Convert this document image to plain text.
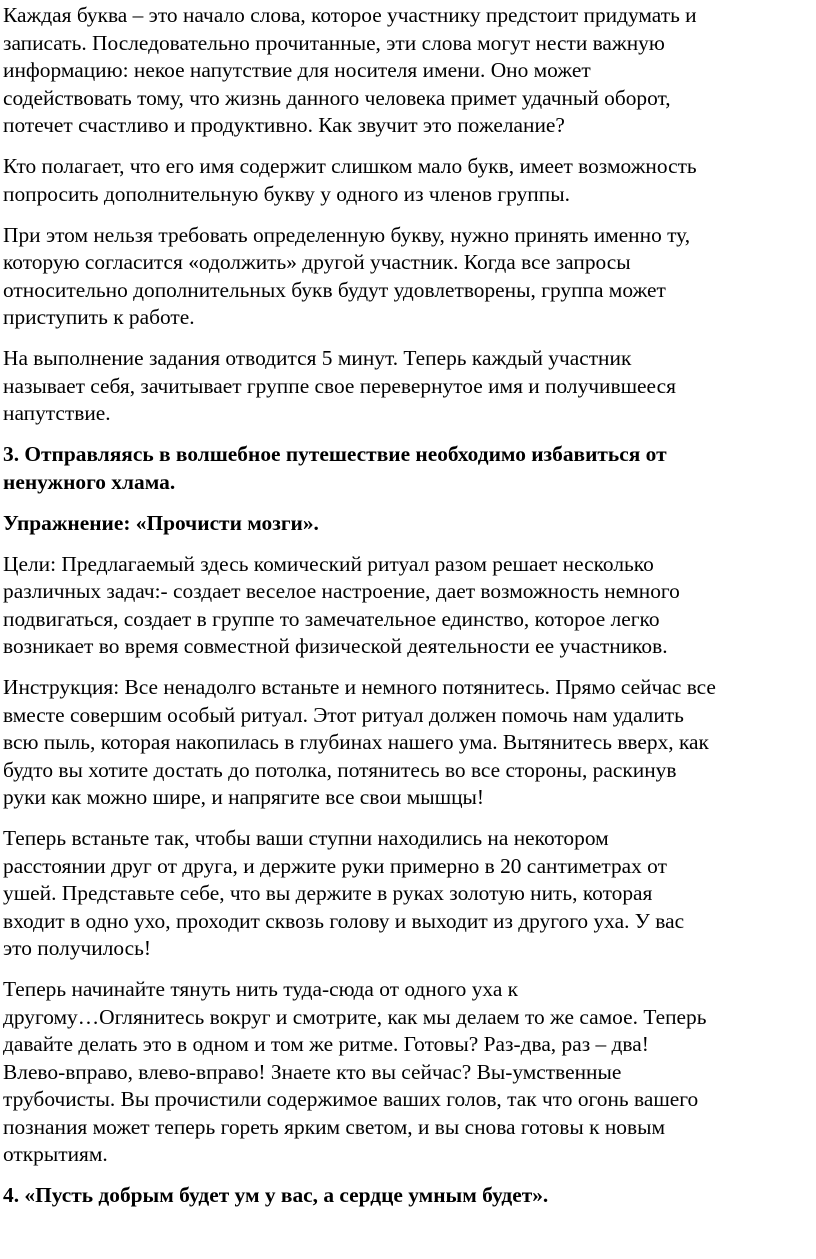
Каждая буква – это начало слова, которое участнику предстоит придумать и
записать. Последовательно прочитанные, эти слова могут нести важную
информацию: некое напутствие для носителя имени. Оно может
содействовать тому, что жизнь данного человека примет удачный оборот,
потечет счастливо и продуктивно. Как звучит это пожелание?
Кто полагает, что его имя содержит слишком мало букв, имеет возможность
попросить дополнительную букву у одного из членов группы.
При этом нельзя требовать определенную букву, нужно принять именно ту,
которую согласится «одолжить» другой участник. Когда все запросы
относительно дополнительных букв будут удовлетворены, группа может
приступить к работе.
На выполнение задания отводится 5 минут. Теперь каждый участник
называет себя, зачитывает группе свое перевернутое имя и получившееся
напутствие.
3. Отправляясь в волшебное путешествие необходимо избавиться от
ненужного хлама.
Упражнение: «Прочисти мозги».
Цели: Предлагаемый здесь комический ритуал разом решает несколько
различных задач:- создает веселое настроение, дает возможность немного
подвигаться, создает в группе то замечательное единство, которое легко
возникает во время совместной физической деятельности ее участников.
Инструкция: Все ненадолго встаньте и немного потянитесь. Прямо сейчас все
вместе совершим особый ритуал. Этот ритуал должен помочь нам удалить
всю пыль, которая накопилась в глубинах нашего ума. Вытянитесь вверх, как
будто вы хотите достать до потолка, потянитесь во все стороны, раскинув
руки как можно шире, и напрягите все свои мышцы!
Теперь встаньте так, чтобы ваши ступни находились на некотором
расстоянии друг от друга, и держите руки примерно в 20 сантиметрах от
ушей. Представьте себе, что вы держите в руках золотую нить, которая
входит в одно ухо, проходит сквозь голову и выходит из другого уха. У вас
это получилось!
Теперь начинайте тянуть нить туда-сюда от одного уха к
другому…Оглянитесь вокруг и смотрите, как мы делаем то же самое. Теперь
давайте делать это в одном и том же ритме. Готовы? Раз-два, раз – два!
Влево-вправо, влево-вправо! Знаете кто вы сейчас? Вы-умственные
трубочисты. Вы прочистили содержимое ваших голов, так что огонь вашего
познания может теперь гореть ярким светом, и вы снова готовы к новым
открытиям.
4. «Пусть добрым будет ум у вас, а сердце умным будет».
